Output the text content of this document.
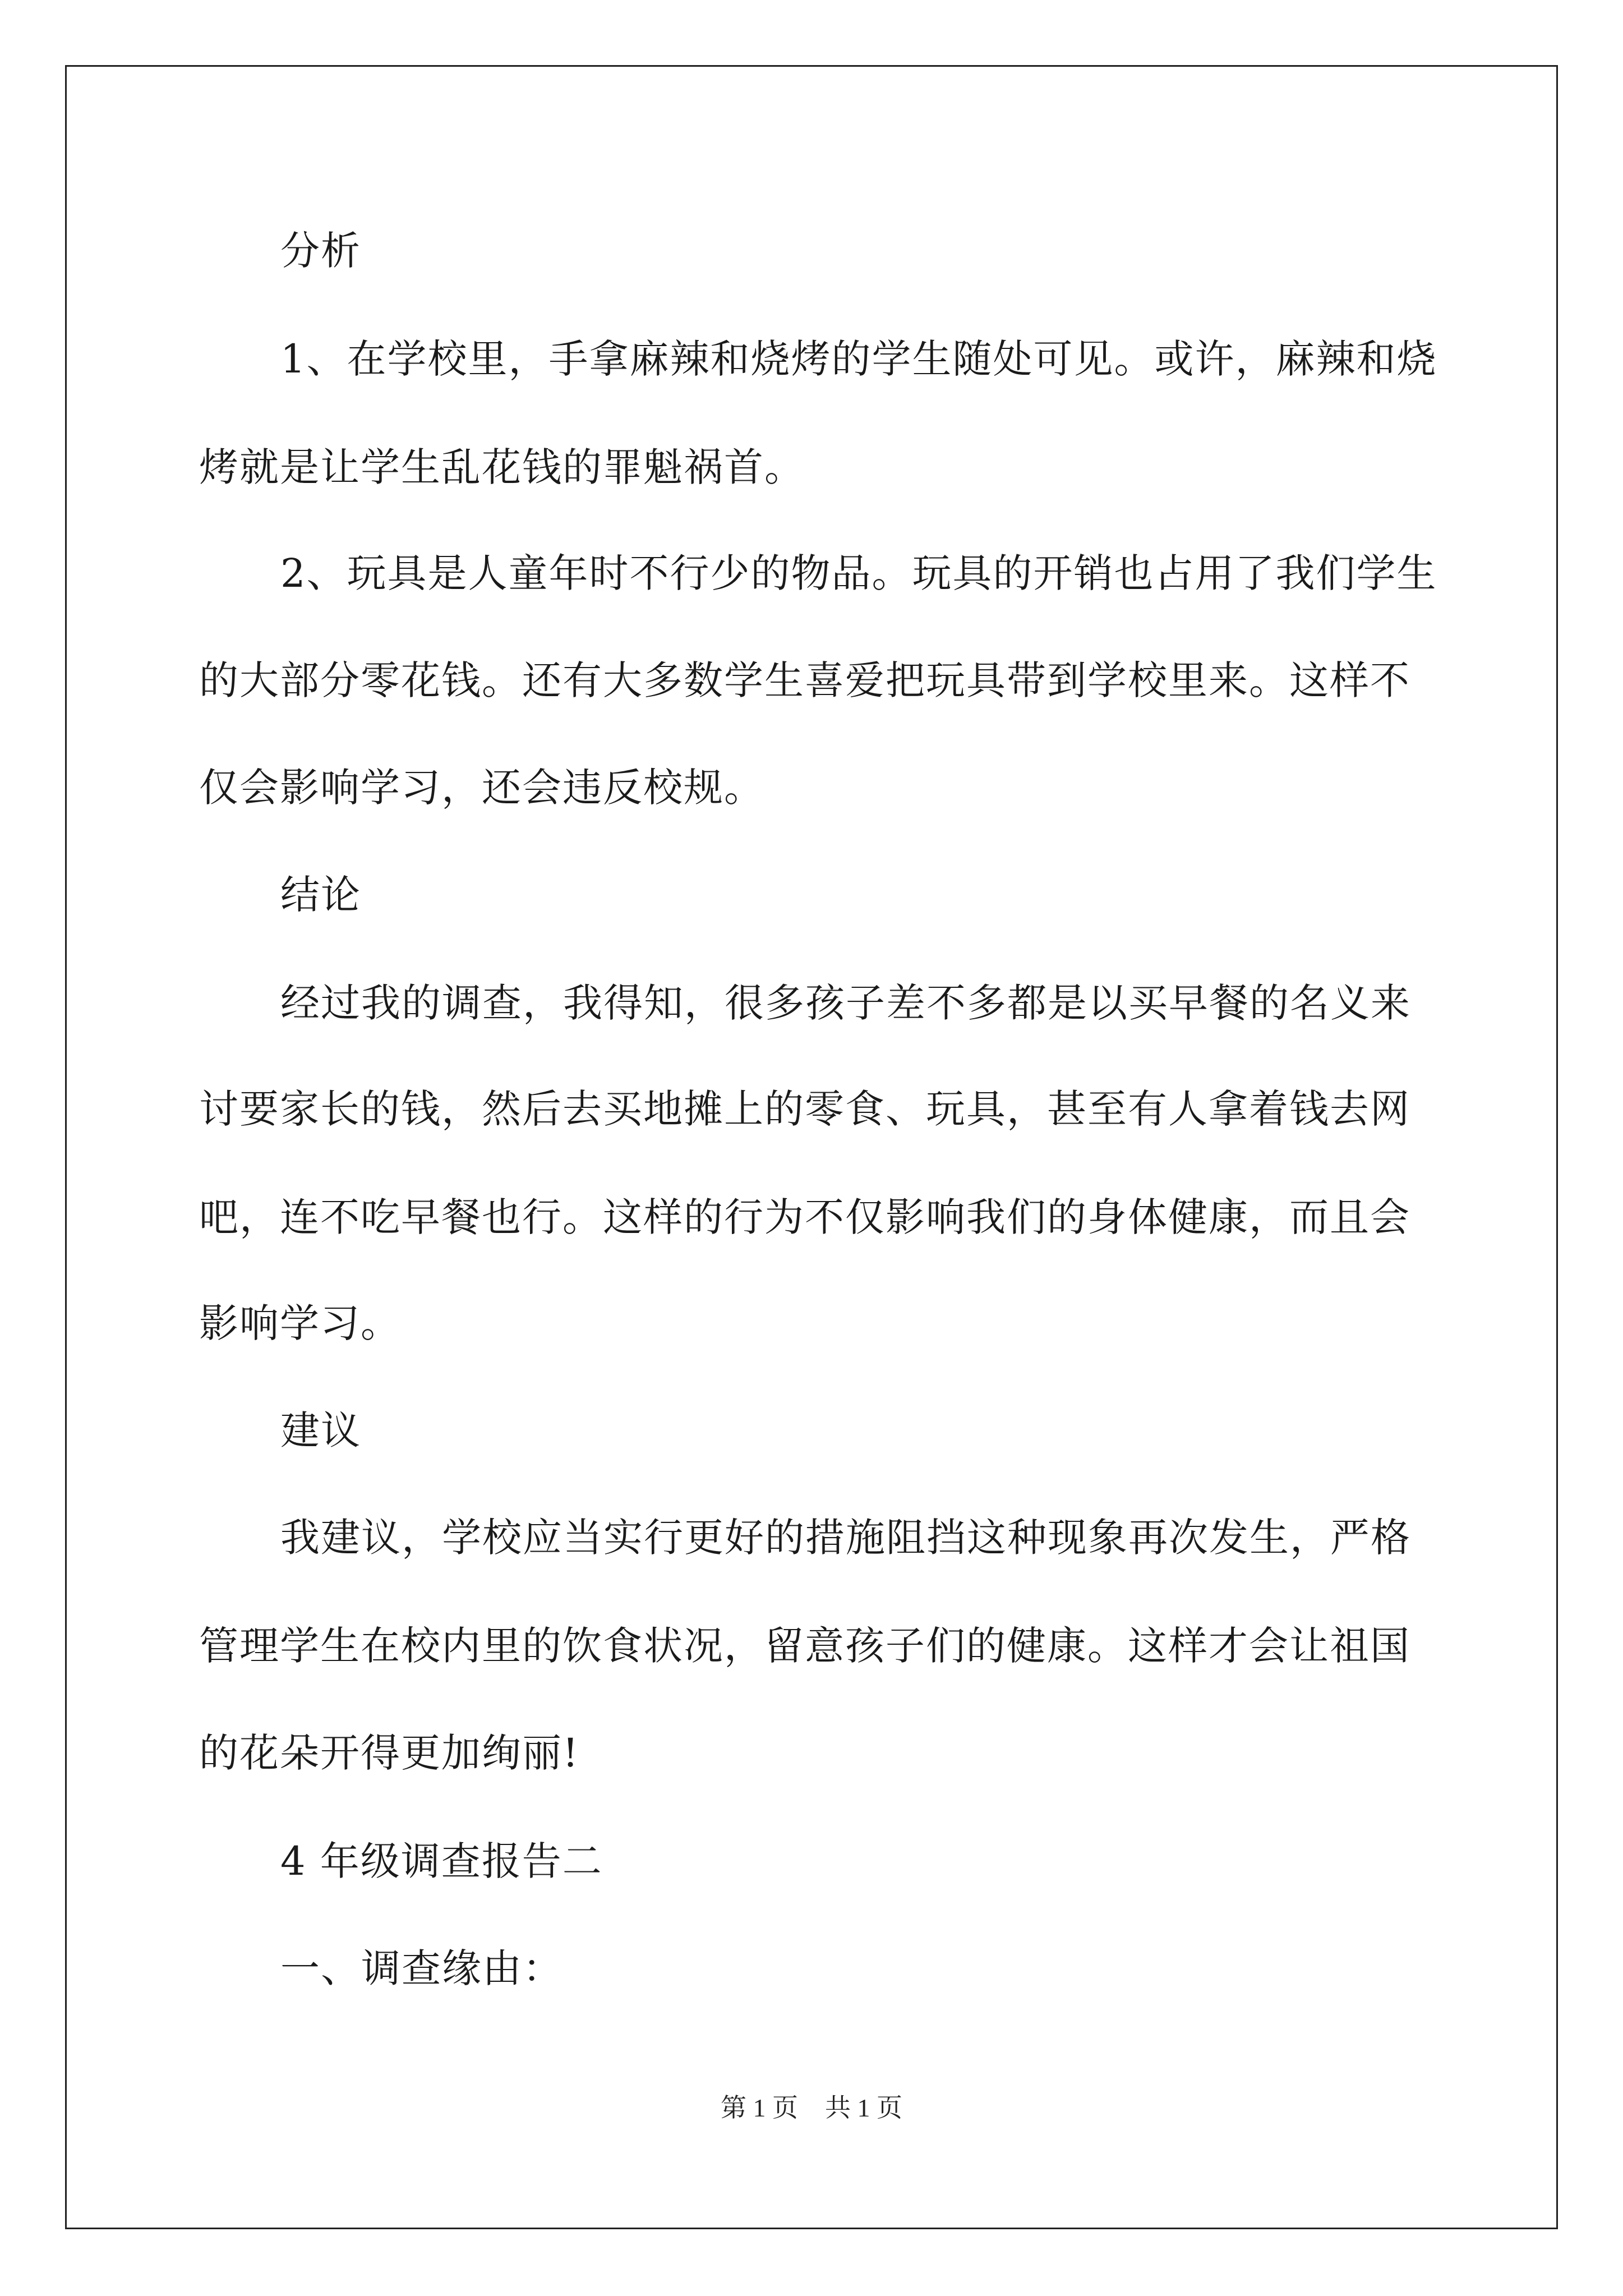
分析
1、在学校里，手拿麻辣和烧烤的学生随处可见。或许，麻辣和烧
烤就是让学生乱花钱的罪魁祸首。
2、玩具是人童年时不行少的物品。玩具的开销也占用了我们学生
的大部分零花钱。还有大多数学生喜爱把玩具带到学校里来。这样不
仅会影响学习，还会违反校规。
结论
经过我的调查，我得知，很多孩子差不多都是以买早餐的名义来
讨要家长的钱，然后去买地摊上的零食、玩具，甚至有人拿着钱去网
吧，连不吃早餐也行。这样的行为不仅影响我们的身体健康，而且会
影响学习。
建议
我建议，学校应当实行更好的措施阻挡这种现象再次发生，严格
管理学生在校内里的饮食状况，留意孩子们的健康。这样才会让祖国
的花朵开得更加绚丽!
4 年级调查报告二
一、调查缘由：
第 1 页 共 1 页
